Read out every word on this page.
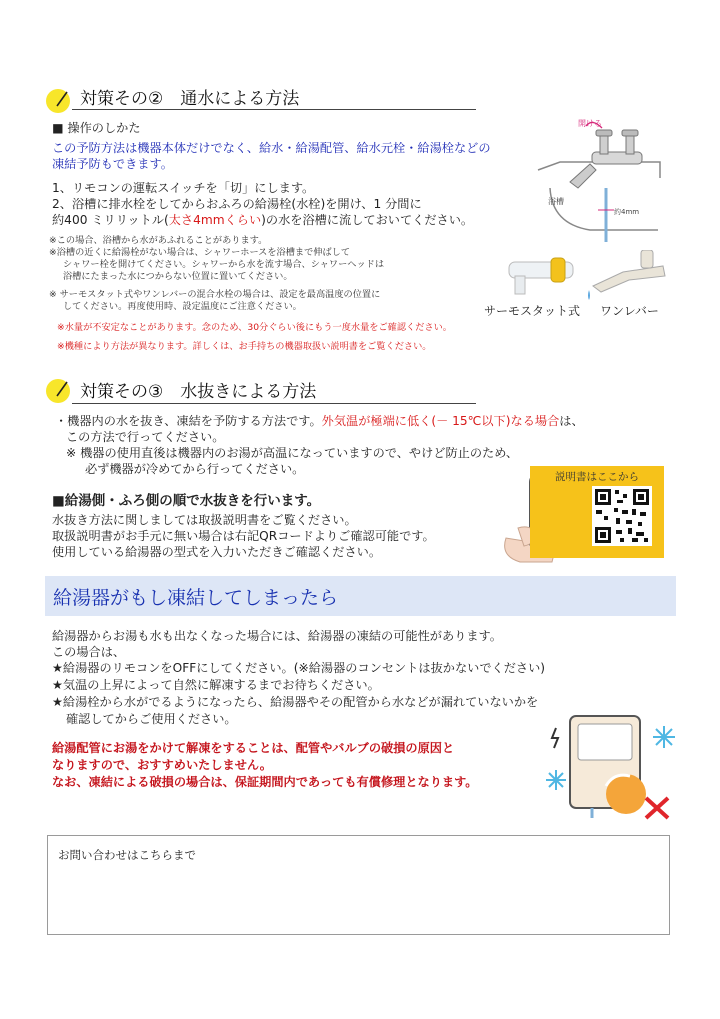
対策その②　通水による方法
■ 操作のしかた
この予防方法は機器本体だけでなく、給水・給湯配管、給水元栓・給湯栓などの
凍結予防もできます。
1、リモコンの運転スイッチを「切」にします。
2、浴槽に排水栓をしてからおふろの給湯栓(水栓)を開け、1 分間に
約400 ミリリットル(太さ4mmくらい)の水を浴槽に流しておいてください。
※この場合、浴槽から水があふれることがあります。
※浴槽の近くに給湯栓がない場合は、シャワーホースを浴槽まで伸ばして
シャワー栓を開けてください。シャワーから水を流す場合、シャワーヘッドは
浴槽にたまった水につからない位置に置いてください。
※ サーモスタット式やワンレバーの混合水栓の場合は、設定を最高温度の位置に
してください。再度使用時、設定温度にご注意ください。
※水量が不安定なことがあります。念のため、30分ぐらい後にもう一度水量をご確認ください。
※機種により方法が異なります。詳しくは、お手持ちの機器取扱い説明書をご覧ください。
開ける
浴槽
約4mm
サーモスタット式 ワンレバー
対策その③　水抜きによる方法
・機器内の水を抜き、凍結を予防する方法です。外気温が極端に低く(－ 15℃以下)なる場合は、
この方法で行ってください。
※ 機器の使用直後は機器内のお湯が高温になっていますので、やけど防止のため、
必ず機器が冷めてから行ってください。
■給湯側・ふろ側の順で水抜きを行います。
水抜き方法に関しましては取扱説明書をご覧ください。
取扱説明書がお手元に無い場合は右記QRコードよりご確認可能です。
使用している給湯器の型式を入力いただきご確認ください。
説明書はここから
給湯器がもし凍結してしまったら
給湯器からお湯も水も出なくなった場合には、給湯器の凍結の可能性があります。
この場合は、
★給湯器のリモコンをOFFにしてください。(※給湯器のコンセントは抜かないでください)
★気温の上昇によって自然に解凍するまでお待ちください。
★給湯栓から水がでるようになったら、給湯器やその配管から水などが漏れていないかを
確認してからご使用ください。
給湯配管にお湯をかけて解凍をすることは、配管やバルブの破損の原因と
なりますので、おすすめいたしません。
なお、凍結による破損の場合は、保証期間内であっても有償修理となります。
お問い合わせはこちらまで
